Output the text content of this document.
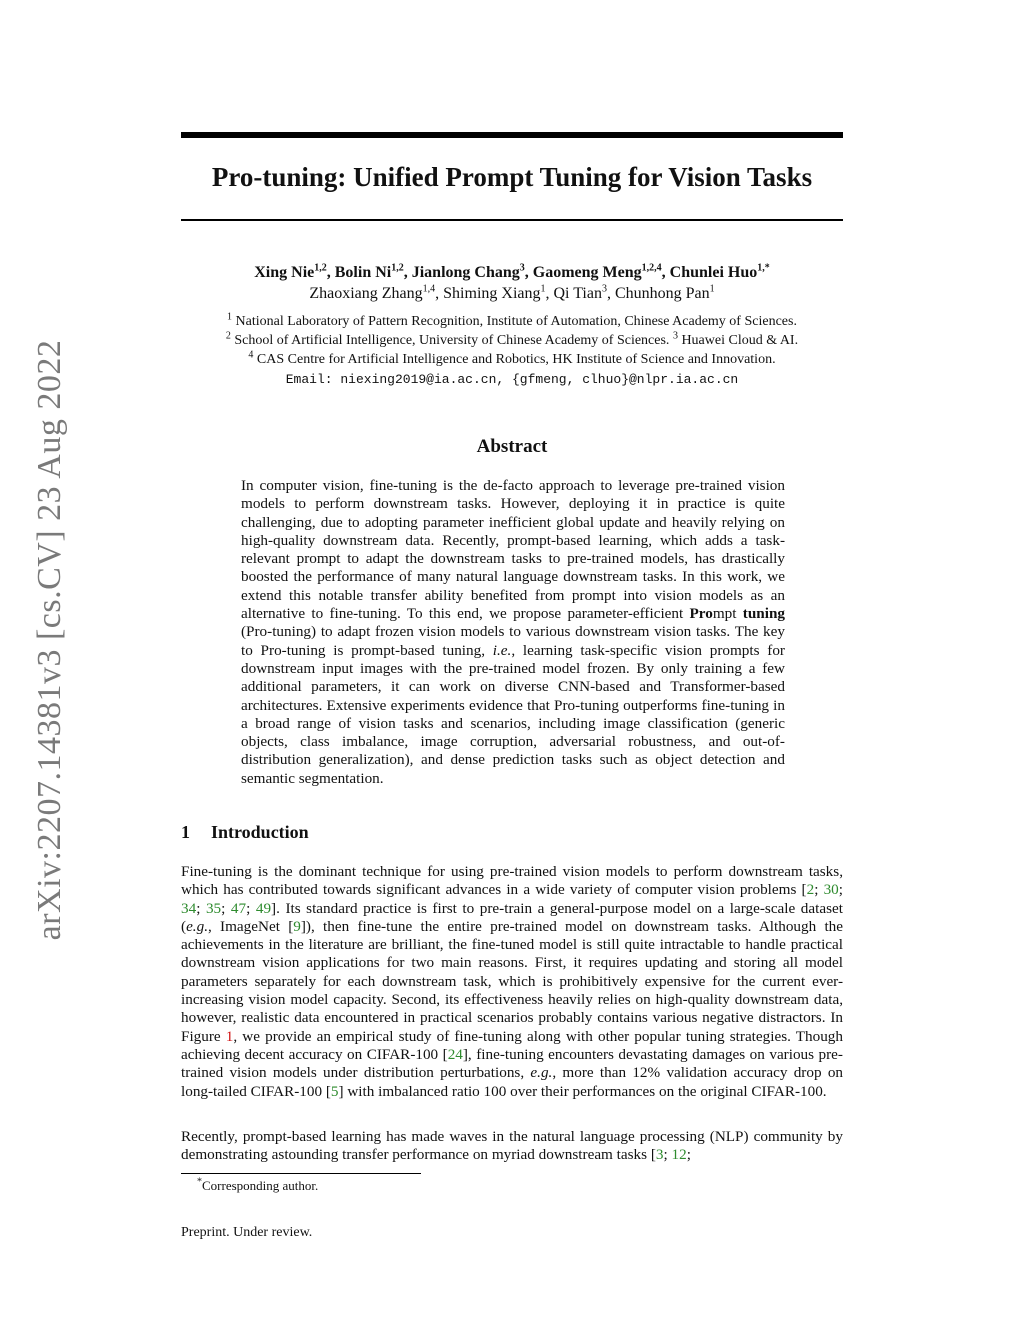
arXiv:2207.14381v3 [cs.CV] 23 Aug 2022
Pro-tuning: Unified Prompt Tuning for Vision Tasks
Xing Nie$^{1,2}$, Bolin Ni$^{1,2}$, Jianlong Chang$^3$, Gaomeng Meng$^{1,2,4}$, Chunlei Huo$^{1,*}$
Zhaoxiang Zhang$^{1,4}$, Shiming Xiang$^1$, Qi Tian$^3$, Chunhong Pan$^1$
$^1$ National Laboratory of Pattern Recognition, Institute of Automation, Chinese Academy of Sciences.
$^2$ School of Artificial Intelligence, University of Chinese Academy of Sciences. $^3$ Huawei Cloud & AI.
$^4$ CAS Centre for Artificial Intelligence and Robotics, HK Institute of Science and Innovation.
Email: niexing2019@ia.ac.cn, {gfmeng, clhuo}@nlpr.ia.ac.cn
Abstract
In computer vision, fine-tuning is the de-facto approach to leverage pre-trained vision models to perform downstream tasks. However, deploying it in practice is quite challenging, due to adopting parameter inefficient global update and heavily relying on high-quality downstream data. Recently, prompt-based learning, which adds a task-relevant prompt to adapt the downstream tasks to pre-trained models, has drastically boosted the performance of many natural language downstream tasks. In this work, we extend this notable transfer ability benefited from prompt into vision models as an alternative to fine-tuning. To this end, we propose parameter-efficient Prompt tuning (Pro-tuning) to adapt frozen vision models to various downstream vision tasks. The key to Pro-tuning is prompt-based tuning, i.e., learning task-specific vision prompts for downstream input images with the pre-trained model frozen. By only training a few additional parameters, it can work on diverse CNN-based and Transformer-based architectures. Extensive experiments evidence that Pro-tuning outperforms fine-tuning in a broad range of vision tasks and scenarios, including image classification (generic objects, class imbalance, image corruption, adversarial robustness, and out-of-distribution generalization), and dense prediction tasks such as object detection and semantic segmentation.
1 Introduction
Fine-tuning is the dominant technique for using pre-trained vision models to perform downstream tasks, which has contributed towards significant advances in a wide variety of computer vision problems [2; 30; 34; 35; 47; 49]. Its standard practice is first to pre-train a general-purpose model on a large-scale dataset (e.g., ImageNet [9]), then fine-tune the entire pre-trained model on downstream tasks. Although the achievements in the literature are brilliant, the fine-tuned model is still quite intractable to handle practical downstream vision applications for two main reasons. First, it requires updating and storing all model parameters separately for each downstream task, which is prohibitively expensive for the current ever-increasing vision model capacity. Second, its effectiveness heavily relies on high-quality downstream data, however, realistic data encountered in practical scenarios probably contains various negative distractors. In Figure 1, we provide an empirical study of fine-tuning along with other popular tuning strategies. Though achieving decent accuracy on CIFAR-100 [24], fine-tuning encounters devastating damages on various pre-trained vision models under distribution perturbations, e.g., more than 12% validation accuracy drop on long-tailed CIFAR-100 [5] with imbalanced ratio 100 over their performances on the original CIFAR-100.
Recently, prompt-based learning has made waves in the natural language processing (NLP) community by demonstrating astounding transfer performance on myriad downstream tasks [3; 12;
*Corresponding author.
Preprint. Under review.
